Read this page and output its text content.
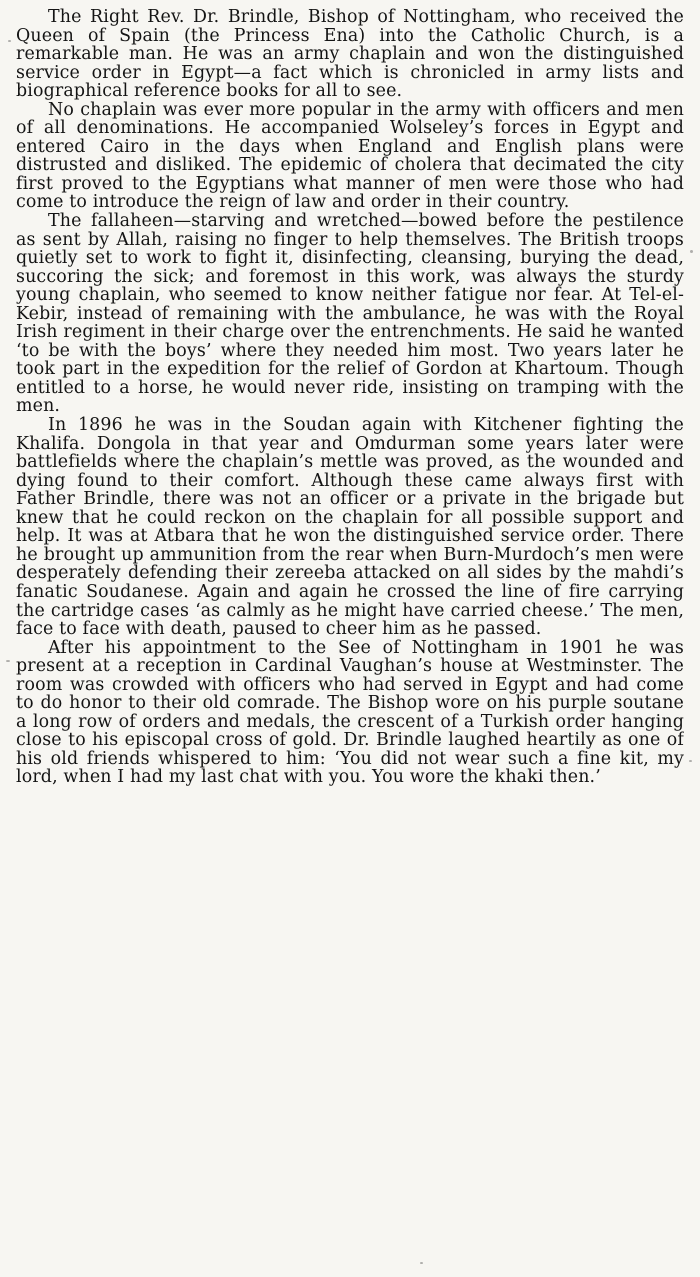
The Right Rev. Dr. Brindle, Bishop of Nottingham, who received the Queen of Spain (the Princess Ena) into the Catholic Church, is a remarkable man. He was an army chaplain and won the distinguished service order in Egypt—a fact which is chronicled in army lists and biographical reference books for all to see.

No chaplain was ever more popular in the army with officers and men of all denominations. He accompanied Wolseley’s forces in Egypt and entered Cairo in the days when England and English plans were distrusted and disliked. The epidemic of cholera that decimated the city first proved to the Egyptians what manner of men were those who had come to introduce the reign of law and order in their country.

The fallaheen—starving and wretched—bowed before the pestilence as sent by Allah, raising no finger to help themselves. The British troops quietly set to work to fight it, disinfecting, cleansing, burying the dead, succoring the sick; and foremost in this work, was always the sturdy young chaplain, who seemed to know neither fatigue nor fear. At Tel-el-Kebir, instead of remaining with the ambulance, he was with the Royal Irish regiment in their charge over the entrenchments. He said he wanted ‘to be with the boys’ where they needed him most. Two years later he took part in the expedition for the relief of Gordon at Khartoum. Though entitled to a horse, he would never ride, insisting on tramping with the men.

In 1896 he was in the Soudan again with Kitchener fighting the Khalifa. Dongola in that year and Omdurman some years later were battlefields where the chaplain’s mettle was proved, as the wounded and dying found to their comfort. Although these came always first with Father Brindle, there was not an officer or a private in the brigade but knew that he could reckon on the chaplain for all possible support and help. It was at Atbara that he won the distinguished service order. There he brought up ammunition from the rear when Burn-Murdoch’s men were desperately defending their zereeba attacked on all sides by the mahdi’s fanatic Soudanese. Again and again he crossed the line of fire carrying the cartridge cases ‘as calmly as he might have carried cheese.’ The men, face to face with death, paused to cheer him as he passed.

After his appointment to the See of Nottingham in 1901 he was present at a reception in Cardinal Vaughan’s house at Westminster. The room was crowded with officers who had served in Egypt and had come to do honor to their old comrade. The Bishop wore on his purple soutane a long row of orders and medals, the crescent of a Turkish order hanging close to his episcopal cross of gold. Dr. Brindle laughed heartily as one of his old friends whispered to him: ‘You did not wear such a fine kit, my lord, when I had my last chat with you. You wore the khaki then.’
